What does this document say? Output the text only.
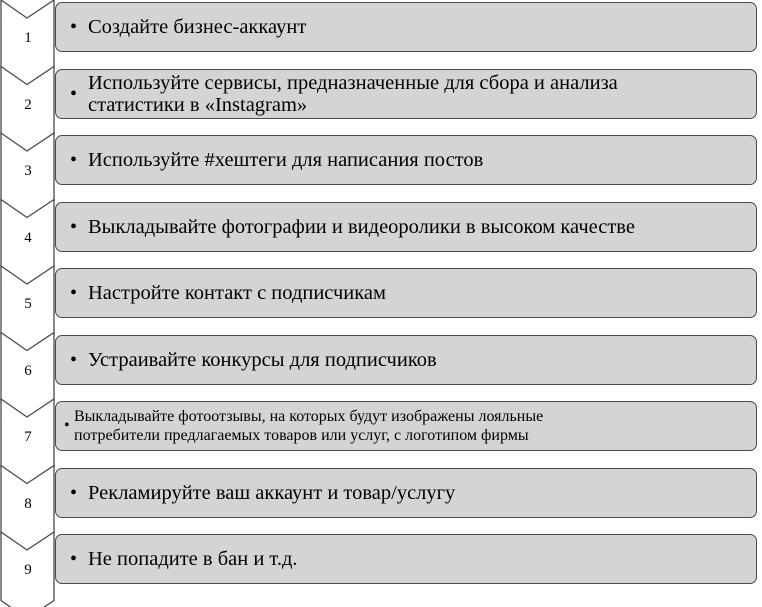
• Создайте бизнес-аккаунт
• Используйте сервисы, предназначенные для сбора и анализа
статистики в «Instagram»
• Используйте #хештеги для написания постов
• Выкладывайте фотографии и видеоролики в высоком качестве
• Настройте контакт с подписчикам
• Устраивайте конкурсы для подписчиков
•
Выкладывайте фотоотзывы, на которых будут изображены лояльные
потребители предлагаемых товаров или услуг, с логотипом фирмы
• Рекламируйте ваш аккаунт и товар/услугу
• Не попадите в бан и т.д.
1
2
3
4
5
6
7
8
9
